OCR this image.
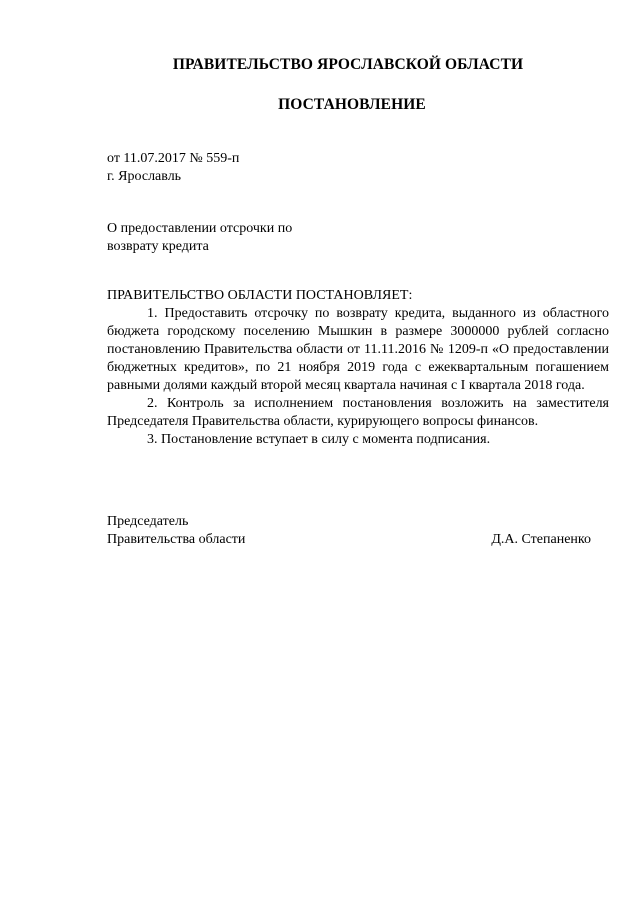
ПРАВИТЕЛЬСТВО ЯРОСЛАВСКОЙ ОБЛАСТИ
ПОСТАНОВЛЕНИЕ
от 11.07.2017 № 559-п
г. Ярославль
О предоставлении отсрочки по
возврату кредита
ПРАВИТЕЛЬСТВО ОБЛАСТИ ПОСТАНОВЛЯЕТ:

1. Предоставить отсрочку по возврату кредита, выданного из областного бюджета городскому поселению Мышкин в размере 3000000 рублей согласно постановлению Правительства области от 11.11.2016 № 1209-п «О предоставлении бюджетных кредитов», по 21 ноября 2019 года с ежеквартальным погашением равными долями каждый второй месяц квартала начиная с I квартала 2018 года.

2. Контроль за исполнением постановления возложить на заместителя Председателя Правительства области, курирующего вопросы финансов.

3. Постановление вступает в силу с момента подписания.

Председатель
Правительства области	Д.А. Степаненко
